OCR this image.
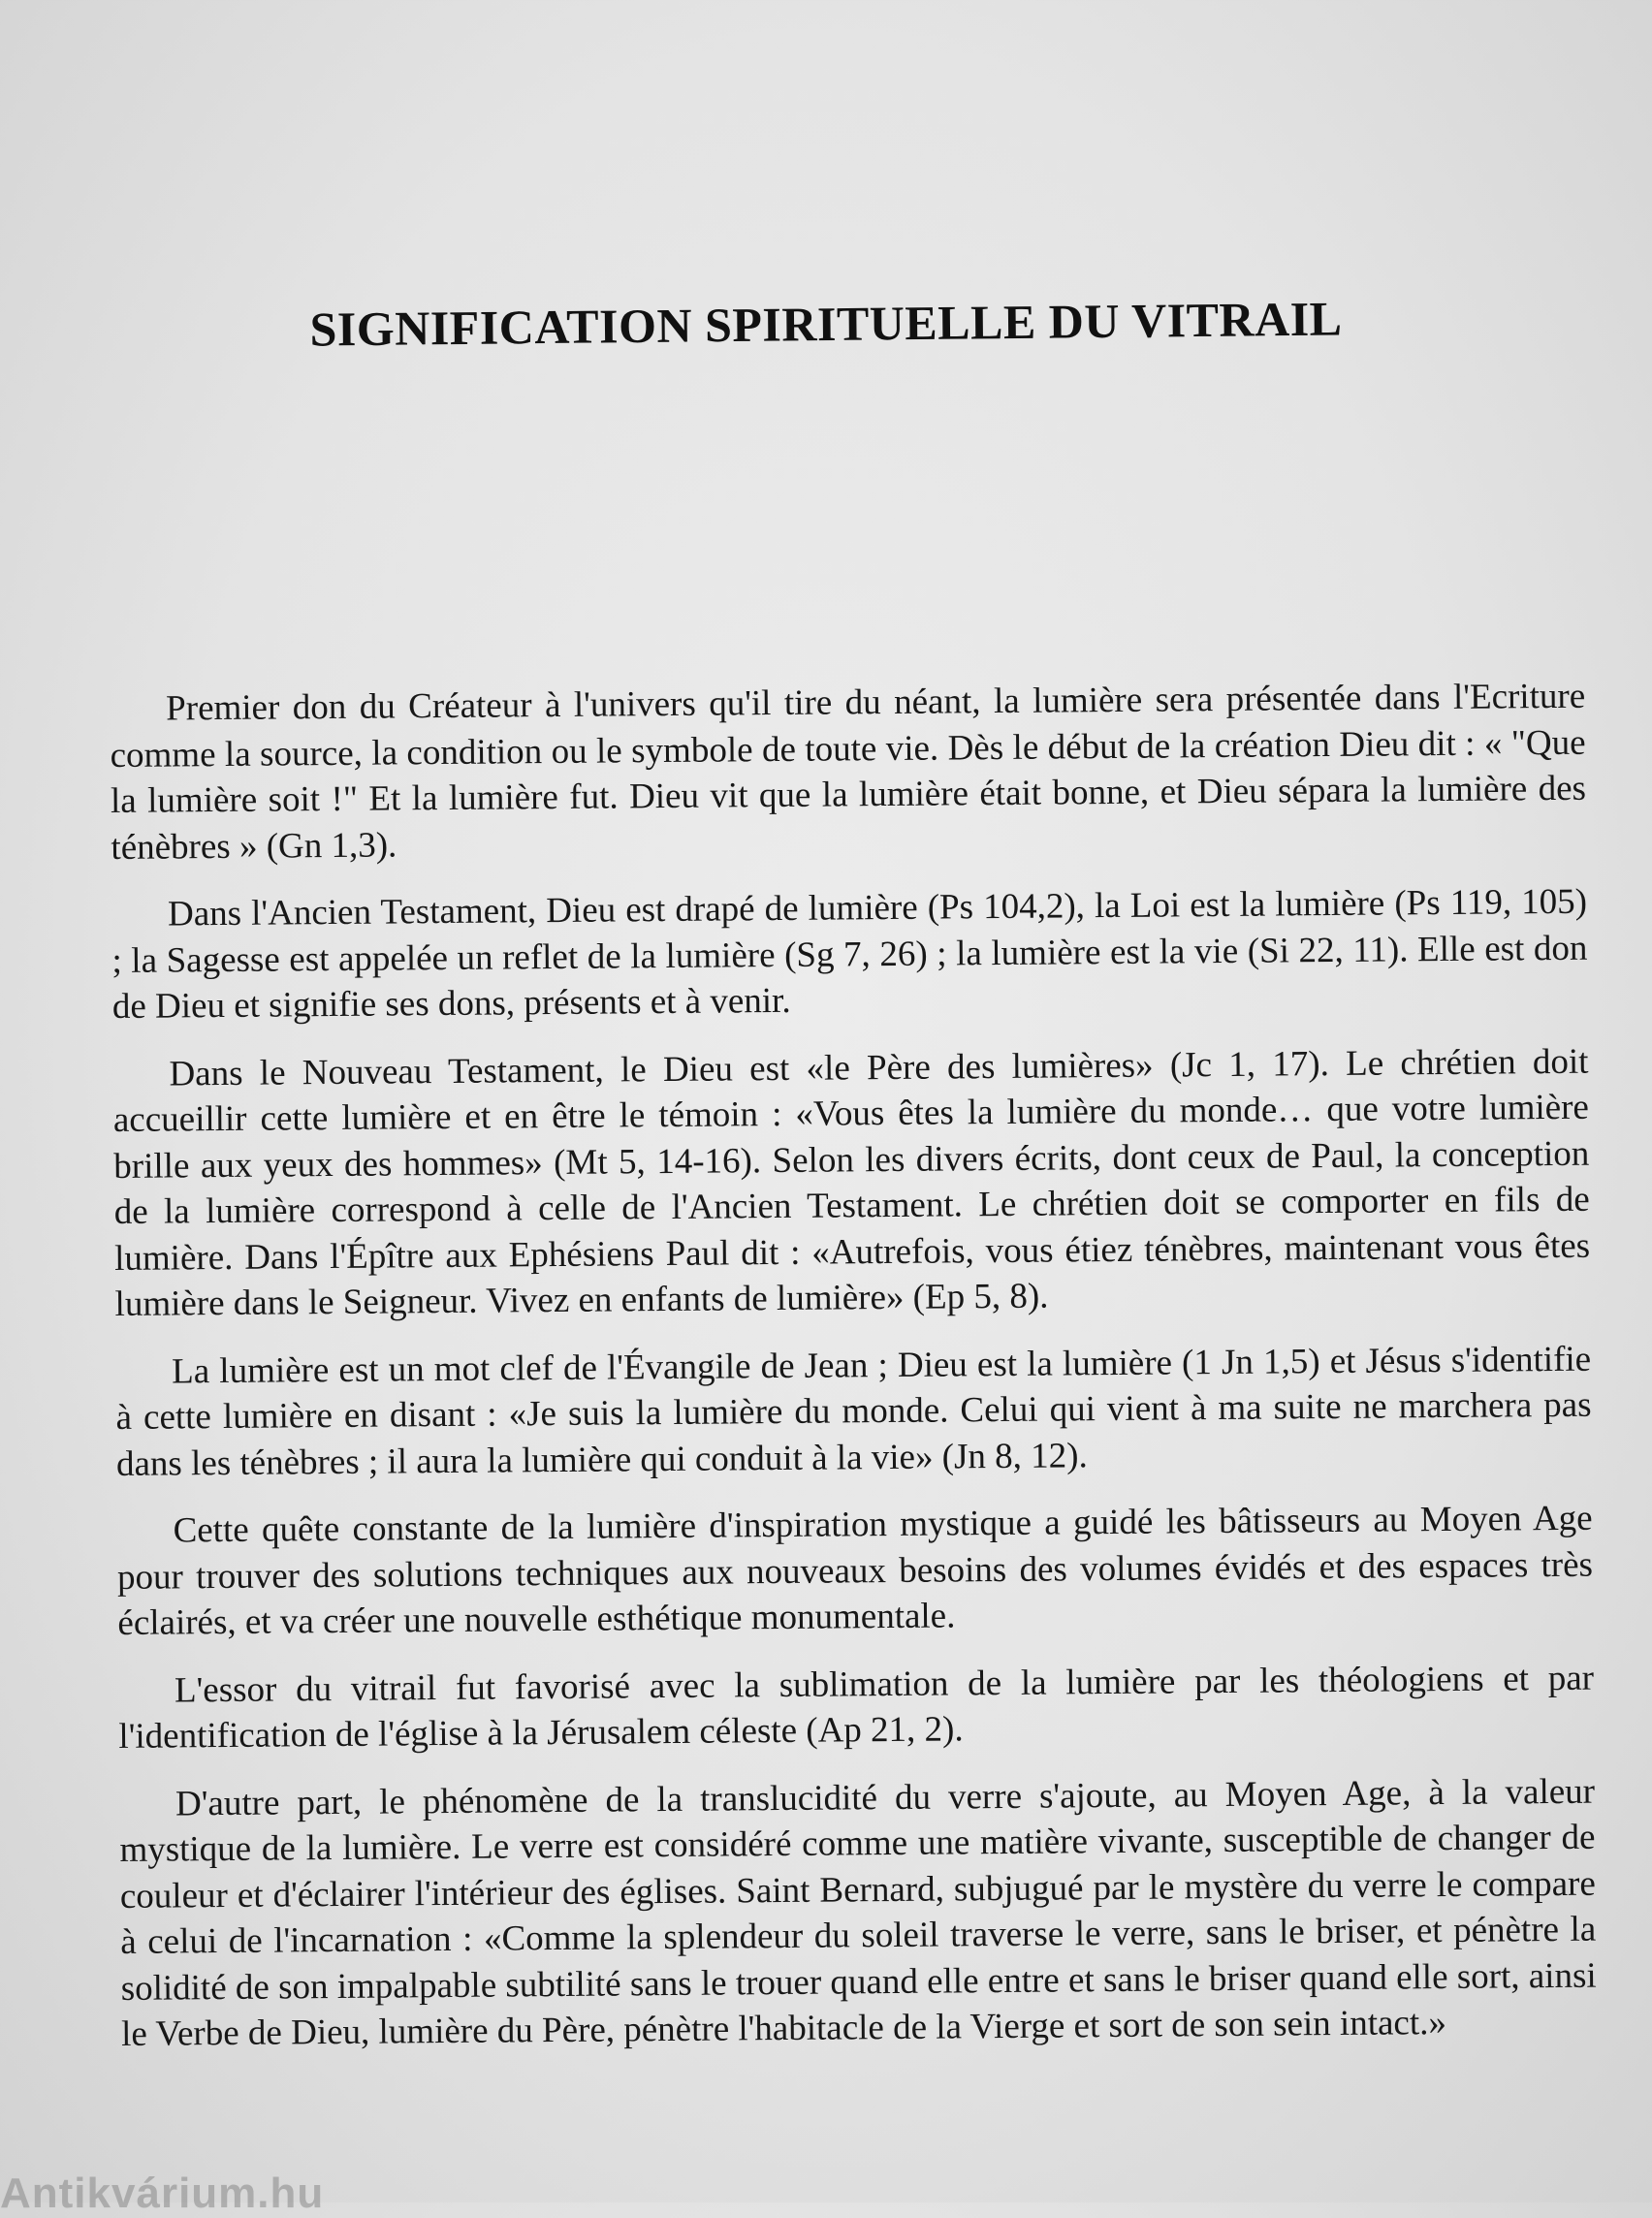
SIGNIFICATION SPIRITUELLE DU VITRAIL

Premier don du Créateur à l'univers qu'il tire du néant, la lumière sera présentée dans l'Ecriture comme la source, la condition ou le symbole de toute vie. Dès le début de la création Dieu dit : « "Que la lumière soit !" Et la lumière fut. Dieu vit que la lumière était bonne, et Dieu sépara la lumière des ténèbres » (Gn 1,3).

Dans l'Ancien Testament, Dieu est drapé de lumière (Ps 104,2), la Loi est la lumière (Ps 119, 105) ; la Sagesse est appelée un reflet de la lumière (Sg 7, 26) ; la lumière est la vie (Si 22, 11). Elle est don de Dieu et signifie ses dons, présents et à venir.

Dans le Nouveau Testament, le Dieu est «le Père des lumières» (Jc 1, 17). Le chrétien doit accueillir cette lumière et en être le témoin : «Vous êtes la lumière du monde… que votre lumière brille aux yeux des hommes» (Mt 5, 14-16). Selon les divers écrits, dont ceux de Paul, la conception de la lumière correspond à celle de l'Ancien Testament. Le chrétien doit se comporter en fils de lumière. Dans l'Épître aux Ephésiens Paul dit : «Autrefois, vous étiez ténèbres, maintenant vous êtes lumière dans le Seigneur. Vivez en enfants de lumière» (Ep 5, 8).

La lumière est un mot clef de l'Évangile de Jean ; Dieu est la lumière (1 Jn 1,5) et Jésus s'identifie à cette lumière en disant : «Je suis la lumière du monde. Celui qui vient à ma suite ne marchera pas dans les ténèbres ; il aura la lumière qui conduit à la vie» (Jn 8, 12).

Cette quête constante de la lumière d'inspiration mystique a guidé les bâtisseurs au Moyen Age pour trouver des solutions techniques aux nouveaux besoins des volumes évidés et des espaces très éclairés, et va créer une nouvelle esthétique monumentale.

L'essor du vitrail fut favorisé avec la sublimation de la lumière par les théologiens et par l'identification de l'église à la Jérusalem céleste (Ap 21, 2).

D'autre part, le phénomène de la translucidité du verre s'ajoute, au Moyen Age, à la valeur mystique de la lumière. Le verre est considéré comme une matière vivante, susceptible de changer de couleur et d'éclairer l'intérieur des églises. Saint Bernard, subjugué par le mystère du verre le compare à celui de l'incarnation : «Comme la splendeur du soleil traverse le verre, sans le briser, et pénètre la solidité de son impalpable subtilité sans le trouer quand elle entre et sans le briser quand elle sort, ainsi le Verbe de Dieu, lumière du Père, pénètre l'habitacle de la Vierge et sort de son sein intact.»

Antikvárium.hu
